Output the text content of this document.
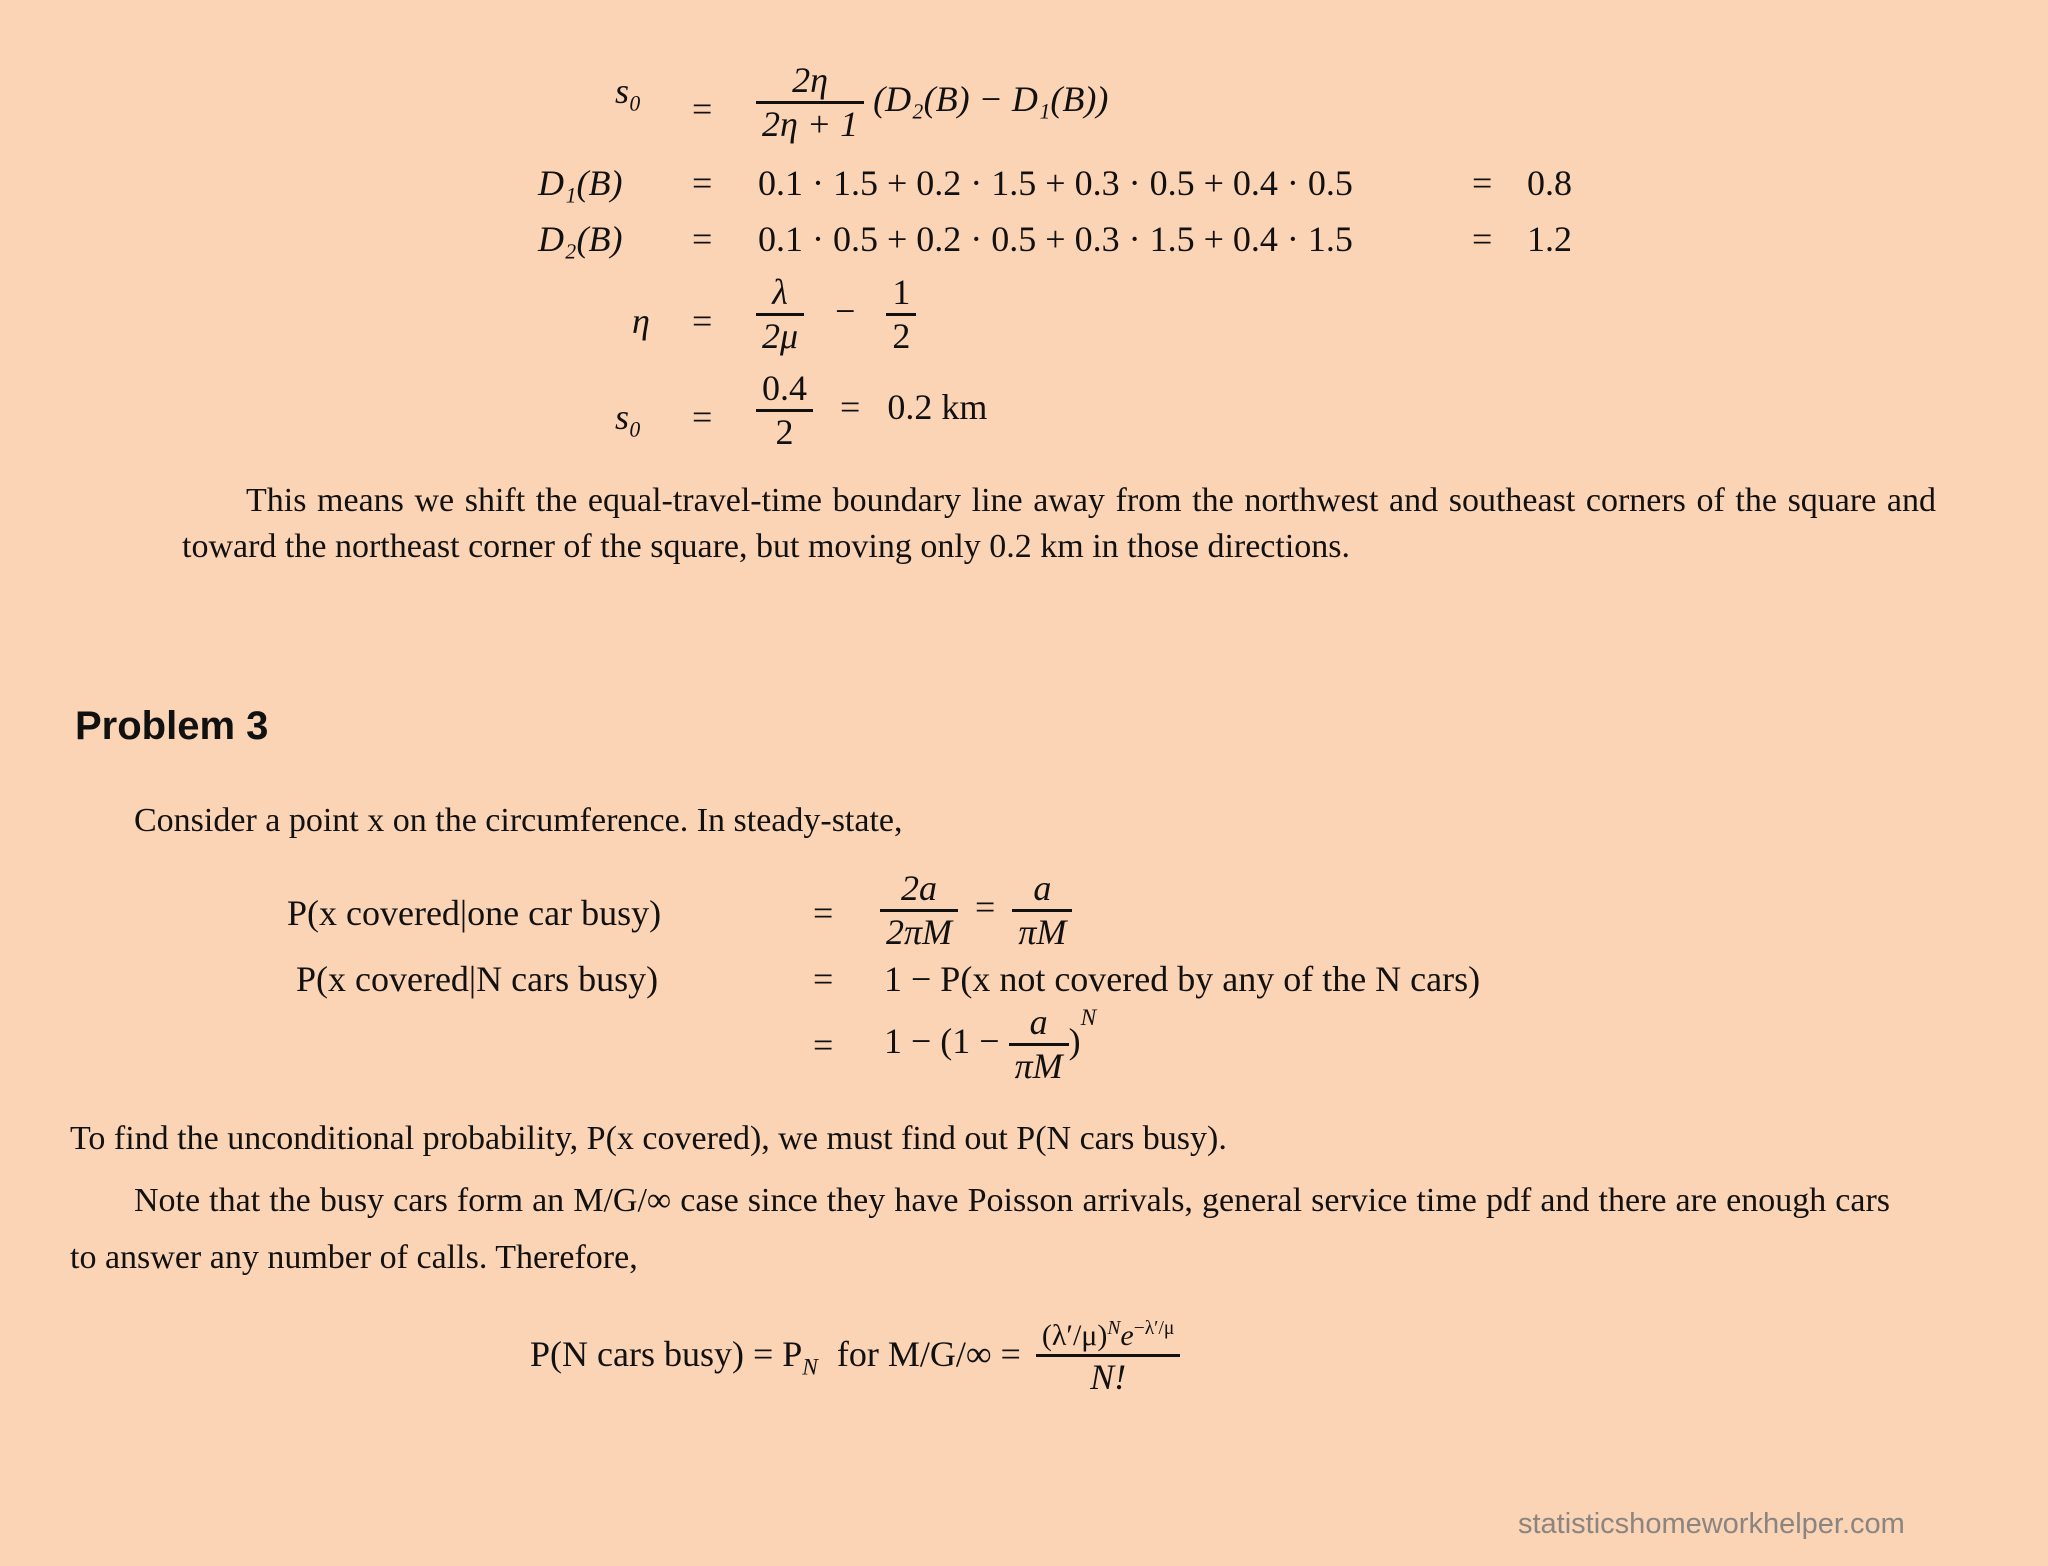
$s_0 = \frac{2\eta}{2\eta + 1} (D_2(B) - D_1(B))$
D₁(B) = 0.1 · 1.5 + 0.2 · 1.5 + 0.3 · 0.5 + 0.4 · 0.5	= 0.8
D₂(B) = 0.1 · 0.5 + 0.2 · 0.5 + 0.3 · 1.5 + 0.4 · 1.5	= 1.2
$\eta = \frac{\lambda}{2\mu} - \frac{1}{2}$
$s_0 = \frac{0.4}{2} = 0.2$ km
This means we shift the equal-travel-time boundary line away from the northwest and southeast corners of the square and toward the northeast corner of the square, but moving only 0.2 km in those directions.
Problem 3
Consider a point x on the circumference. In steady-state,
P(x covered|one car busy)	= $\frac{2a}{2\pi M} = \frac{a}{\pi M}$
P(x covered|N cars busy)	= 1 − P(x not covered by any of the N cars)
= $1 - (1 - \frac{a}{\pi M} )^N$
To find the unconditional probability, P(x covered), we must find out P(N cars busy).
Note that the busy cars form an M/G/∞ case since they have Poisson arrivals, general service time pdf and there are enough cars to answer any number of calls. Therefore,
P(N cars busy) = $P_N$ for $M/G/\infty = \frac{(\lambda'/\mu)^Ne^{-\lambda'/\mu}}{N!}$
statisticshomeworkhelper.com
